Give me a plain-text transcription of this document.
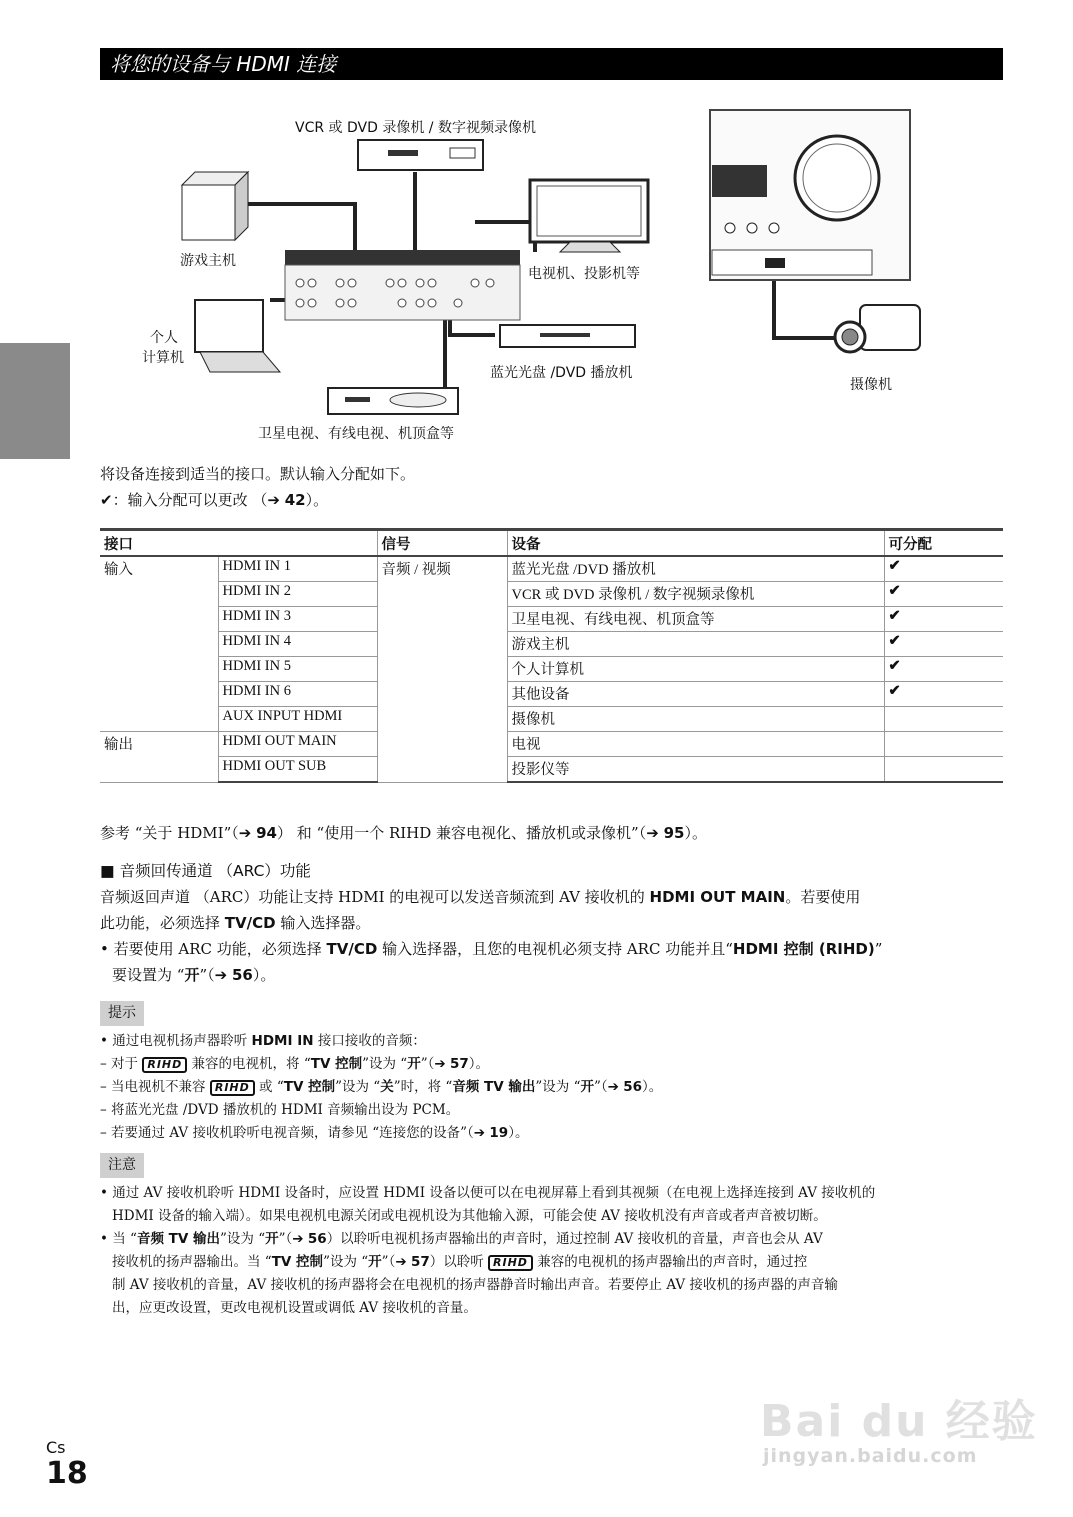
将您的设备与 HDMI 连接
VCR 或 DVD 录像机 / 数字视频录像机
游戏主机
电视机、投影机等
个人
计算机
蓝光光盘 /DVD 播放机
卫星电视、有线电视、机顶盒等
摄像机
将设备连接到适当的接口。默认输入分配如下。
✔：输入分配可以更改 （➔ 42）。
接口		信号	设备	可分配
输入	HDMI IN 1	音频 / 视频	蓝光光盘 /DVD 播放机	✔
	HDMI IN 2		VCR 或 DVD 录像机 / 数字视频录像机	✔
	HDMI IN 3		卫星电视、有线电视、机顶盒等	✔
	HDMI IN 4		游戏主机	✔
	HDMI IN 5		个人计算机	✔
	HDMI IN 6		其他设备	✔
	AUX INPUT HDMI		摄像机	
输出	HDMI OUT MAIN		电视	
	HDMI OUT SUB		投影仪等	
参考 “关于 HDMI”（➔ 94） 和 “使用一个 RIHD 兼容电视化、播放机或录像机”（➔ 95）。
■ 音频回传通道 （ARC）功能
音频返回声道 （ARC）功能让支持 HDMI 的电视可以发送音频流到 AV 接收机的 HDMI OUT MAIN。若要使用
此功能，必须选择 TV/CD 输入选择器。
• 若要使用 ARC 功能，必须选择 TV/CD 输入选择器，且您的电视机必须支持 ARC 功能并且“HDMI 控制 (RIHD)”
要设置为 “开”（➔ 56）。
提示
• 通过电视机扬声器聆听 HDMI IN 接口接收的音频：
– 对于 RIHD 兼容的电视机，将 “TV 控制”设为 “开”（➔ 57）。
– 当电视机不兼容 RIHD 或 “TV 控制”设为 “关”时，将 “音频 TV 输出”设为 “开”（➔ 56）。
– 将蓝光光盘 /DVD 播放机的 HDMI 音频输出设为 PCM。
– 若要通过 AV 接收机聆听电视音频，请参见 “连接您的设备”（➔ 19）。
注意
• 通过 AV 接收机聆听 HDMI 设备时，应设置 HDMI 设备以便可以在电视屏幕上看到其视频（在电视上选择连接到 AV 接收机的
HDMI 设备的输入端）。如果电视机电源关闭或电视机设为其他输入源，可能会使 AV 接收机没有声音或者声音被切断。
• 当 “音频 TV 输出”设为 “开”（➔ 56）以聆听电视机扬声器输出的声音时，通过控制 AV 接收机的音量，声音也会从 AV
接收机的扬声器输出。当 “TV 控制”设为 “开”（➔ 57）以聆听 RIHD 兼容的电视机的扬声器输出的声音时，通过控
制 AV 接收机的音量，AV 接收机的扬声器将会在电视机的扬声器静音时输出声音。若要停止 AV 接收机的扬声器的声音输
出，应更改设置，更改电视机设置或调低 AV 接收机的音量。
Cs
18
Bai du 经验
jingyan.baidu.com
